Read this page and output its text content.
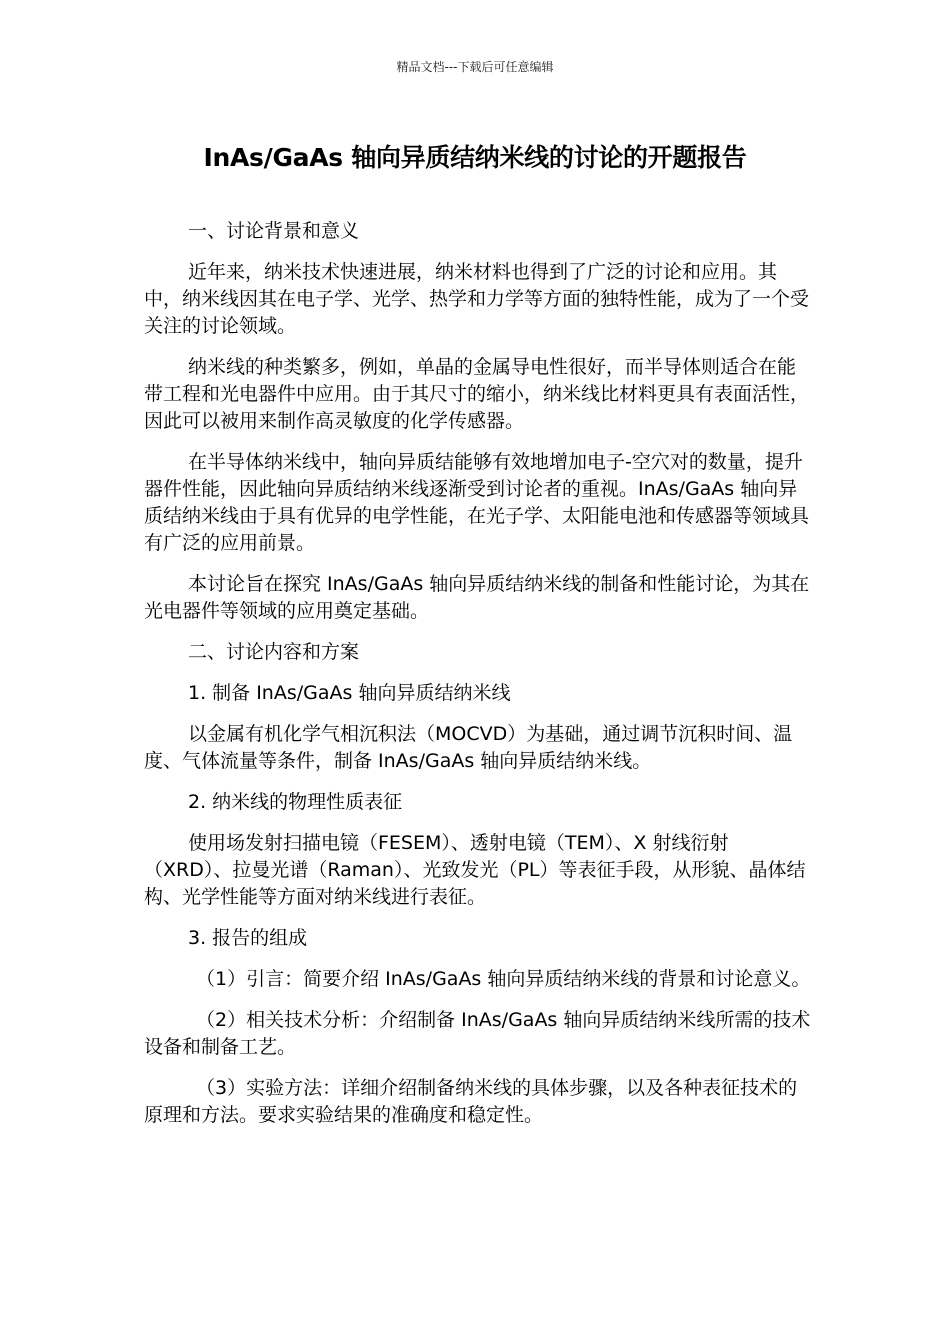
精品文档---下载后可任意编辑
InAs/GaAs 轴向异质结纳米线的讨论的开题报告

一、讨论背景和意义

近年来，纳米技术快速进展，纳米材料也得到了广泛的讨论和应用。其中，纳米线因其在电子学、光学、热学和力学等方面的独特性能，成为了一个受关注的讨论领域。

纳米线的种类繁多，例如，单晶的金属导电性很好，而半导体则适合在能带工程和光电器件中应用。由于其尺寸的缩小，纳米线比材料更具有表面活性，因此可以被用来制作高灵敏度的化学传感器。

在半导体纳米线中，轴向异质结能够有效地增加电子-空穴对的数量，提升器件性能，因此轴向异质结纳米线逐渐受到讨论者的重视。InAs/GaAs 轴向异质结纳米线由于具有优异的电学性能，在光子学、太阳能电池和传感器等领域具有广泛的应用前景。

本讨论旨在探究 InAs/GaAs 轴向异质结纳米线的制备和性能讨论，为其在光电器件等领域的应用奠定基础。

二、讨论内容和方案

1. 制备 InAs/GaAs 轴向异质结纳米线

以金属有机化学气相沉积法（MOCVD）为基础，通过调节沉积时间、温度、气体流量等条件，制备 InAs/GaAs 轴向异质结纳米线。

2. 纳米线的物理性质表征

使用场发射扫描电镜（FESEM）、透射电镜（TEM）、X 射线衍射（XRD）、拉曼光谱（Raman）、光致发光（PL）等表征手段，从形貌、晶体结构、光学性能等方面对纳米线进行表征。

3. 报告的组成

（1）引言：简要介绍 InAs/GaAs 轴向异质结纳米线的背景和讨论意义。

（2）相关技术分析：介绍制备 InAs/GaAs 轴向异质结纳米线所需的技术设备和制备工艺。

（3）实验方法：详细介绍制备纳米线的具体步骤，以及各种表征技术的原理和方法。要求实验结果的准确度和稳定性。
